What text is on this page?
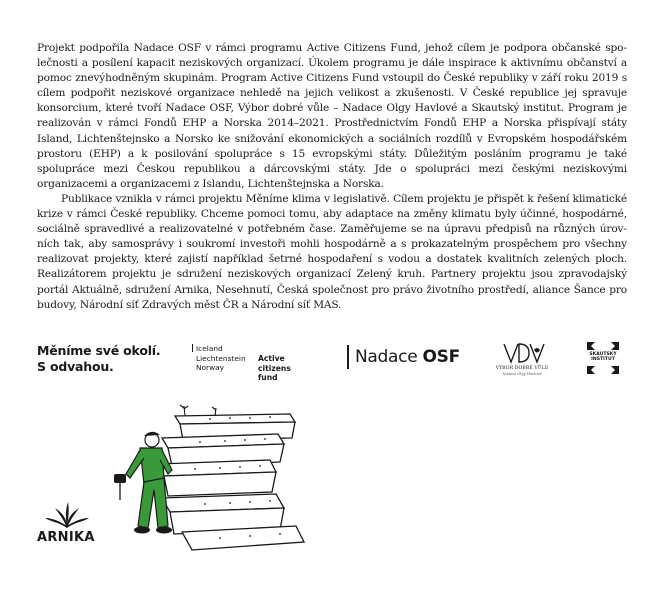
Projekt podpořila Nadace OSF v rámci programu Active Citizens Fund, jehož cílem je podpora občanské společnosti a posílení kapacit neziskových organizací. Úkolem programu je dále inspirace k aktivnímu občanství a pomoc znevýhodněným skupinám. Program Active Citizens Fund vstoupil do České republiky v září roku 2019 s cílem podpořit neziskové organizace nehledě na jejich velikost a zkušenosti. V České republice jej spravuje konsorcium, které tvoří Nadace OSF, Výbor dobré vůle – Nadace Olgy Havlové a Skautský institut. Program je realizován v rámci Fondů EHP a Norska 2014–2021. Prostřednictvím Fondů EHP a Norska přispívají státy Island, Lichtenštejnsko a Norsko ke snižování ekonomických a sociálních rozdílů v Evropském hospodářském prostoru (EHP) a k posilování spolupráce s 15 evropskými státy. Důležitým posláním programu je také spolupráce mezi Českou republikou a dárcovskými státy. Jde o spolupráci mezi českými neziskovými organizacemi a organizacemi z Islandu, Lichtenštejnska a Norska.

Publikace vznikla v rámci projektu Měníme klima v legislativě. Cílem projektu je přispět k řešení klimatické krize v rámci České republiky. Chceme pomoci tomu, aby adaptace na změny klimatu byly účinné, hospodárné, sociálně spravedlivé a realizovatelné v potřebném čase. Zaměřujeme se na úpravu předpisů na různých úrovních tak, aby samosprávy i soukromí investoři mohli hospodárně a s prokazatelným prospěchem pro všechny realizovat projekty, které zajistí například šetrné hospodaření s vodou a dostatek kvalitních zelených ploch. Realizátorem projektu je sdružení neziskových organizací Zelený kruh. Partnery projektu jsou zpravodajský portál Aktuálně, sdružení Arnika, Nesehnutí, Česká společnost pro právo životního prostředí, aliance Šance pro budovy, Národní síť Zdravých měst ČR a Národní síť MAS.

Měníme své okolí.
S odvahou.
Iceland
Liechtenstein
Norway
Active
citizens fund
Nadace OSF
VÝBOR DOBRÉ VŮLE
Nadace Olgy Havlové
SKAUTSKÝ
INSTITUT
ARNIKA
